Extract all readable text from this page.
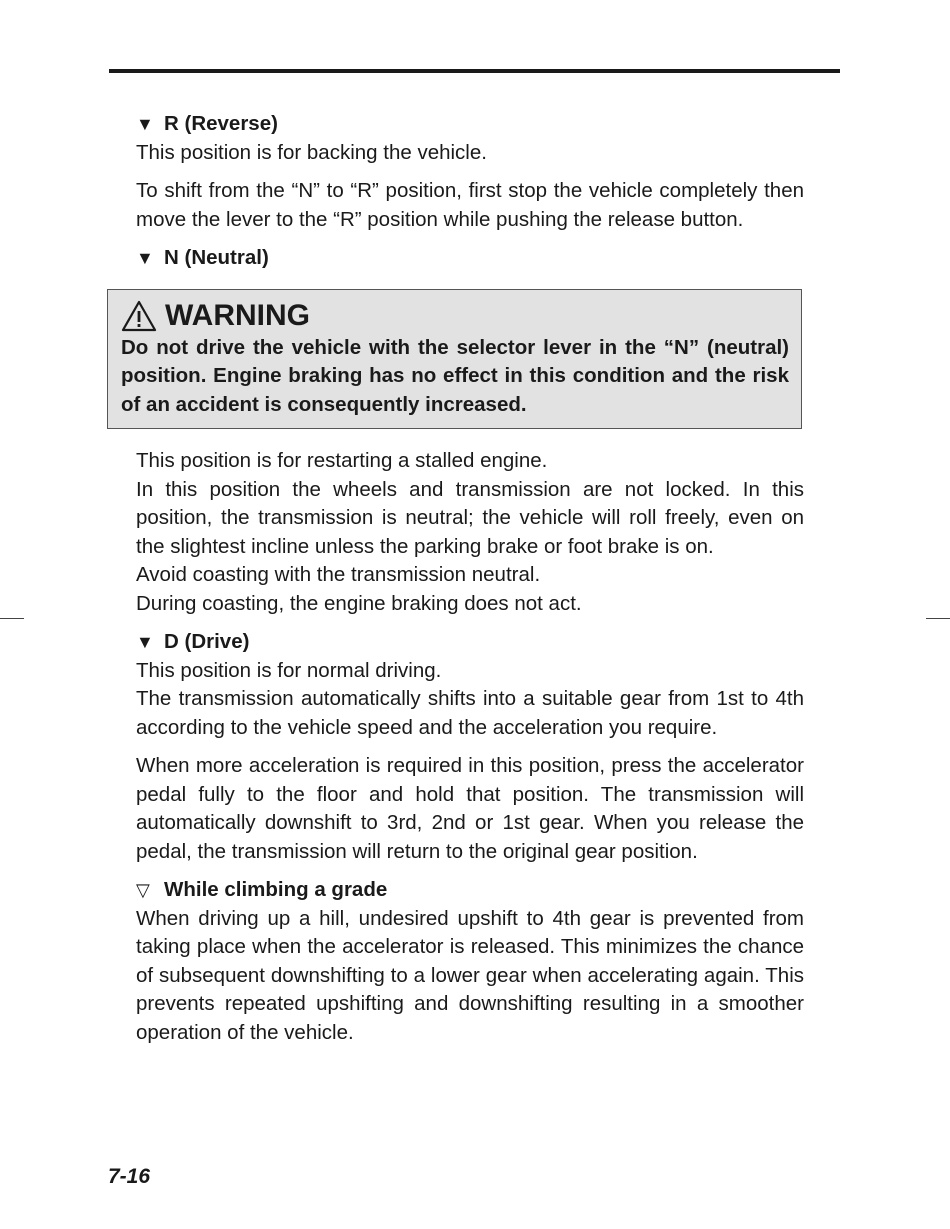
▼ R (Reverse)

This position is for backing the vehicle.

To shift from the “N” to “R” position, first stop the vehicle completely then move the lever to the “R” position while pushing the release button.

▼ N (Neutral)
WARNING
Do not drive the vehicle with the selector lever in the “N” (neutral) position. Engine braking has no effect in this condition and the risk of an accident is consequently increased.

This position is for restarting a stalled engine.

In this position the wheels and transmission are not locked. In this position, the transmission is neutral; the vehicle will roll freely, even on the slightest incline unless the parking brake or foot brake is on.

Avoid coasting with the transmission neutral.

During coasting, the engine braking does not act.

▼ D (Drive)

This position is for normal driving.

The transmission automatically shifts into a suitable gear from 1st to 4th according to the vehicle speed and the acceleration you require.

When more acceleration is required in this position, press the accelerator pedal fully to the floor and hold that position. The transmission will automatically downshift to 3rd, 2nd or 1st gear. When you release the pedal, the transmission will return to the original gear position.

▽ While climbing a grade

When driving up a hill, undesired upshift to 4th gear is prevented from taking place when the accelerator is released. This minimizes the chance of subsequent downshifting to a lower gear when accelerating again. This prevents repeated upshifting and downshifting resulting in a smoother operation of the vehicle.

7-16
